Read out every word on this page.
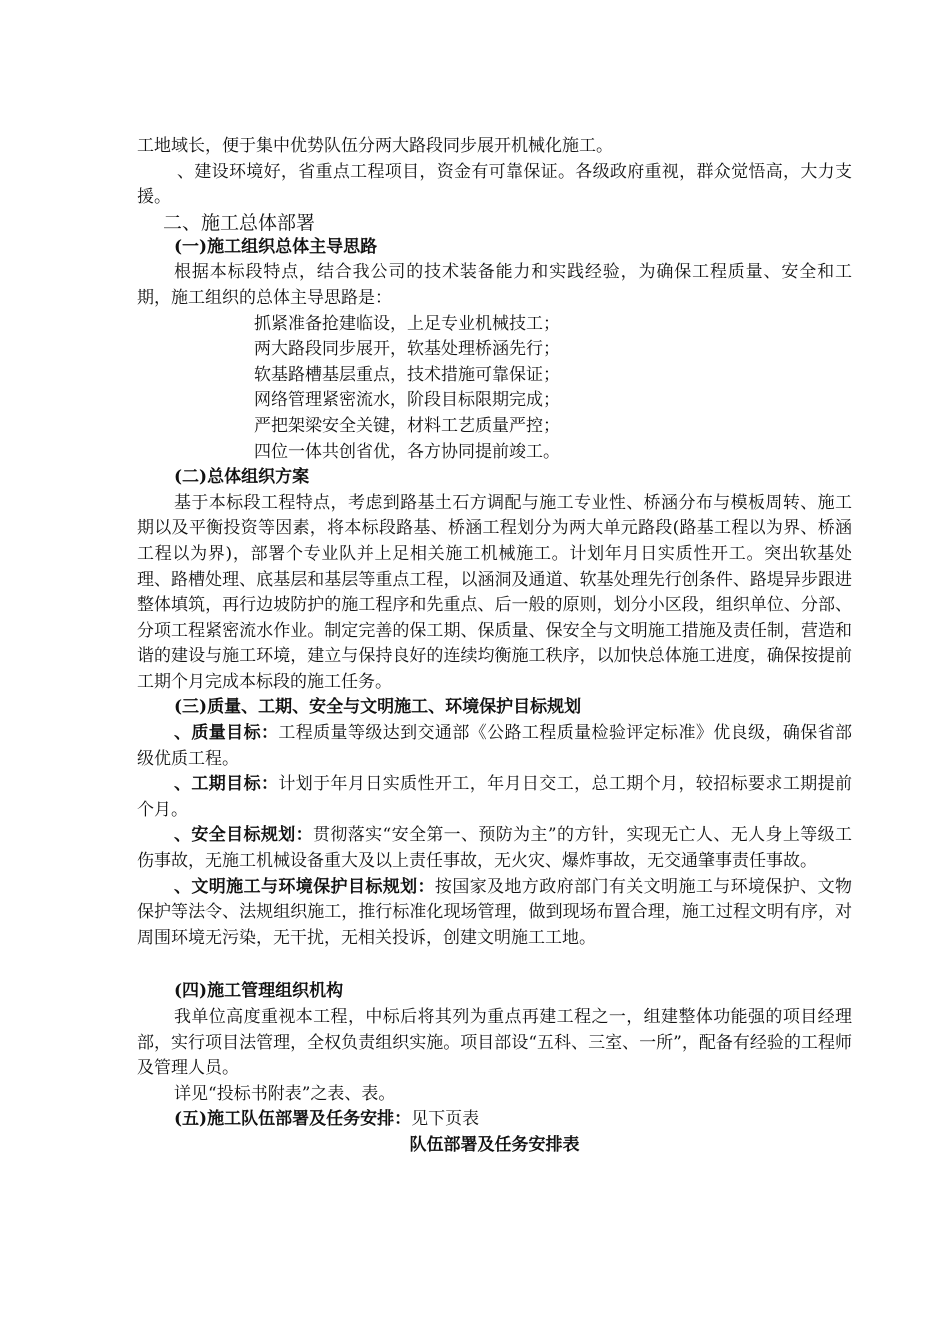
工地域长，便于集中优势队伍分两大路段同步展开机械化施工。

、建设环境好，省重点工程项目，资金有可靠保证。各级政府重视，群众觉悟高，大力支援。

二、施工总体部署

(一)施工组织总体主导思路

根据本标段特点，结合我公司的技术装备能力和实践经验，为确保工程质量、安全和工期，施工组织的总体主导思路是：

抓紧准备抢建临设，上足专业机械技工；

两大路段同步展开，软基处理桥涵先行；

软基路槽基层重点，技术措施可靠保证；

网络管理紧密流水，阶段目标限期完成；

严把架梁安全关键，材料工艺质量严控；

四位一体共创省优，各方协同提前竣工。

(二)总体组织方案

基于本标段工程特点，考虑到路基土石方调配与施工专业性、桥涵分布与模板周转、施工期以及平衡投资等因素，将本标段路基、桥涵工程划分为两大单元路段(路基工程以为界、桥涵工程以为界)，部署个专业队并上足相关施工机械施工。计划年月日实质性开工。突出软基处理、路槽处理、底基层和基层等重点工程，以涵洞及通道、软基处理先行创条件、路堤异步跟进整体填筑，再行边坡防护的施工程序和先重点、后一般的原则，划分小区段，组织单位、分部、分项工程紧密流水作业。制定完善的保工期、保质量、保安全与文明施工措施及责任制，营造和谐的建设与施工环境，建立与保持良好的连续均衡施工秩序，以加快总体施工进度，确保按提前工期个月完成本标段的施工任务。

(三)质量、工期、安全与文明施工、环境保护目标规划

、质量目标：工程质量等级达到交通部《公路工程质量检验评定标准》优良级，确保省部级优质工程。

、工期目标：计划于年月日实质性开工，年月日交工，总工期个月，较招标要求工期提前个月。

、安全目标规划：贯彻落实“安全第一、预防为主”的方针，实现无亡人、无人身上等级工伤事故，无施工机械设备重大及以上责任事故，无火灾、爆炸事故，无交通肇事责任事故。

、文明施工与环境保护目标规划：按国家及地方政府部门有关文明施工与环境保护、文物保护等法令、法规组织施工，推行标准化现场管理，做到现场布置合理，施工过程文明有序，对周围环境无污染，无干扰，无相关投诉，创建文明施工工地。

(四)施工管理组织机构

我单位高度重视本工程，中标后将其列为重点再建工程之一，组建整体功能强的项目经理部，实行项目法管理，全权负责组织实施。项目部设“五科、三室、一所”，配备有经验的工程师及管理人员。

详见“投标书附表”之表、表。

(五)施工队伍部署及任务安排：见下页表

队伍部署及任务安排表
